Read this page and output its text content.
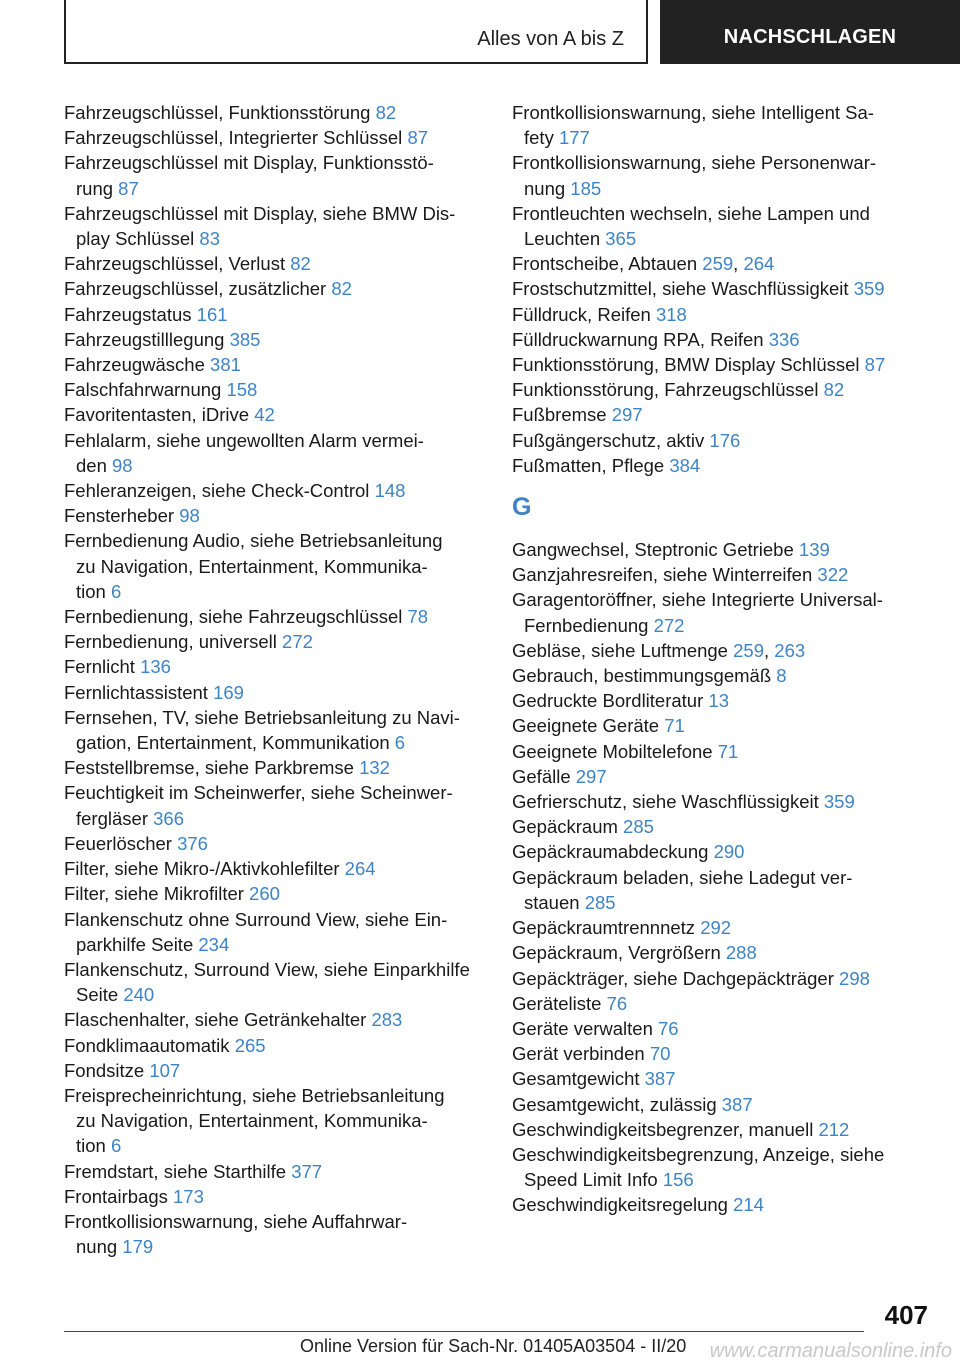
Alles von A bis Z	NACHSCHLAGEN
Fahrzeugschlüssel, Funktionsstörung 82
Fahrzeugschlüssel, Integrierter Schlüssel 87
Fahrzeugschlüssel mit Display, Funktionsstö-
rung 87
Fahrzeugschlüssel mit Display, siehe BMW Dis-
play Schlüssel 83
Fahrzeugschlüssel, Verlust 82
Fahrzeugschlüssel, zusätzlicher 82
Fahrzeugstatus 161
Fahrzeugstilllegung 385
Fahrzeugwäsche 381
Falschfahrwarnung 158
Favoritentasten, iDrive 42
Fehlalarm, siehe ungewollten Alarm vermei-
den 98
Fehleranzeigen, siehe Check-Control 148
Fensterheber 98
Fernbedienung Audio, siehe Betriebsanleitung
zu Navigation, Entertainment, Kommunika-
tion 6
Fernbedienung, siehe Fahrzeugschlüssel 78
Fernbedienung, universell 272
Fernlicht 136
Fernlichtassistent 169
Fernsehen, TV, siehe Betriebsanleitung zu Navi-
gation, Entertainment, Kommunikation 6
Feststellbremse, siehe Parkbremse 132
Feuchtigkeit im Scheinwerfer, siehe Scheinwer-
fergläser 366
Feuerlöscher 376
Filter, siehe Mikro-/Aktivkohlefilter 264
Filter, siehe Mikrofilter 260
Flankenschutz ohne Surround View, siehe Ein-
parkhilfe Seite 234
Flankenschutz, Surround View, siehe Einparkhilfe
Seite 240
Flaschenhalter, siehe Getränkehalter 283
Fondklimaautomatik 265
Fondsitze 107
Freisprecheinrichtung, siehe Betriebsanleitung
zu Navigation, Entertainment, Kommunika-
tion 6
Fremdstart, siehe Starthilfe 377
Frontairbags 173
Frontkollisionswarnung, siehe Auffahrwar-
nung 179
Frontkollisionswarnung, siehe Intelligent Sa-
fety 177
Frontkollisionswarnung, siehe Personenwar-
nung 185
Frontleuchten wechseln, siehe Lampen und
Leuchten 365
Frontscheibe, Abtauen 259, 264
Frostschutzmittel, siehe Waschflüssigkeit 359
Fülldruck, Reifen 318
Fülldruckwarnung RPA, Reifen 336
Funktionsstörung, BMW Display Schlüssel 87
Funktionsstörung, Fahrzeugschlüssel 82
Fußbremse 297
Fußgängerschutz, aktiv 176
Fußmatten, Pflege 384
G
Gangwechsel, Steptronic Getriebe 139
Ganzjahresreifen, siehe Winterreifen 322
Garagentoröffner, siehe Integrierte Universal-
Fernbedienung 272
Gebläse, siehe Luftmenge 259, 263
Gebrauch, bestimmungsgemäß 8
Gedruckte Bordliteratur 13
Geeignete Geräte 71
Geeignete Mobiltelefone 71
Gefälle 297
Gefrierschutz, siehe Waschflüssigkeit 359
Gepäckraum 285
Gepäckraumabdeckung 290
Gepäckraum beladen, siehe Ladegut ver-
stauen 285
Gepäckraumtrennnetz 292
Gepäckraum, Vergrößern 288
Gepäckträger, siehe Dachgepäckträger 298
Geräteliste 76
Geräte verwalten 76
Gerät verbinden 70
Gesamtgewicht 387
Gesamtgewicht, zulässig 387
Geschwindigkeitsbegrenzer, manuell 212
Geschwindigkeitsbegrenzung, Anzeige, siehe
Speed Limit Info 156
Geschwindigkeitsregelung 214
407
Online Version für Sach-Nr. 01405A03504 - II/20 www.carmanualsonline.info
